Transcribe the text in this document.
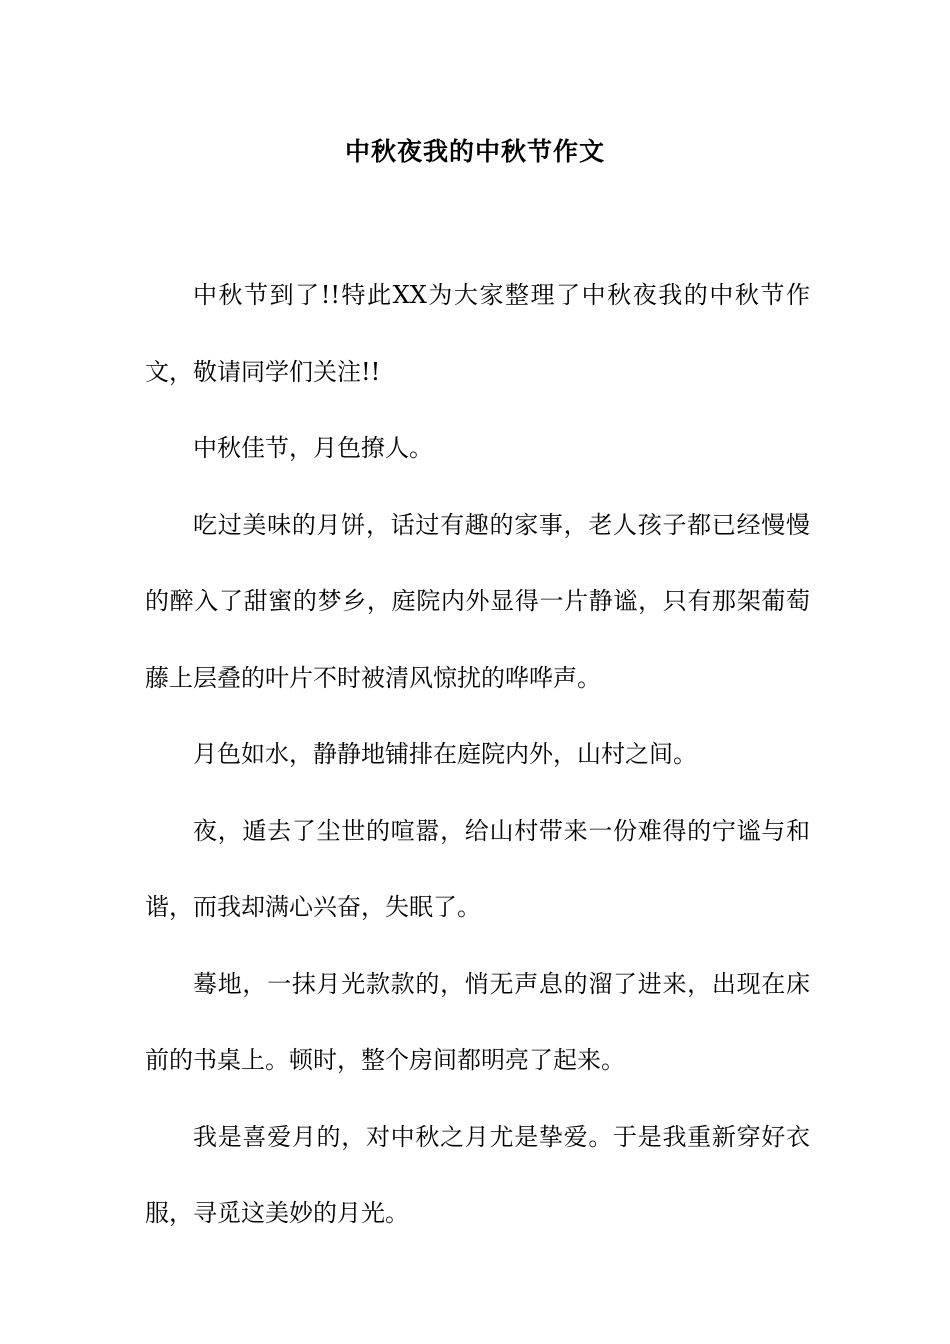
中秋夜我的中秋节作文

中秋节到了!!特此XX为大家整理了中秋夜我的中秋节作文，敬请同学们关注!!

中秋佳节，月色撩人。

吃过美味的月饼，话过有趣的家事，老人孩子都已经慢慢的醉入了甜蜜的梦乡，庭院内外显得一片静谧，只有那架葡萄藤上层叠的叶片不时被清风惊扰的哗哗声。

月色如水，静静地铺排在庭院内外，山村之间。

夜，遁去了尘世的喧嚣，给山村带来一份难得的宁谧与和谐，而我却满心兴奋，失眠了。

蓦地，一抹月光款款的，悄无声息的溜了进来，出现在床前的书桌上。顿时，整个房间都明亮了起来。

我是喜爱月的，对中秋之月尤是挚爱。于是我重新穿好衣服，寻觅这美妙的月光。
